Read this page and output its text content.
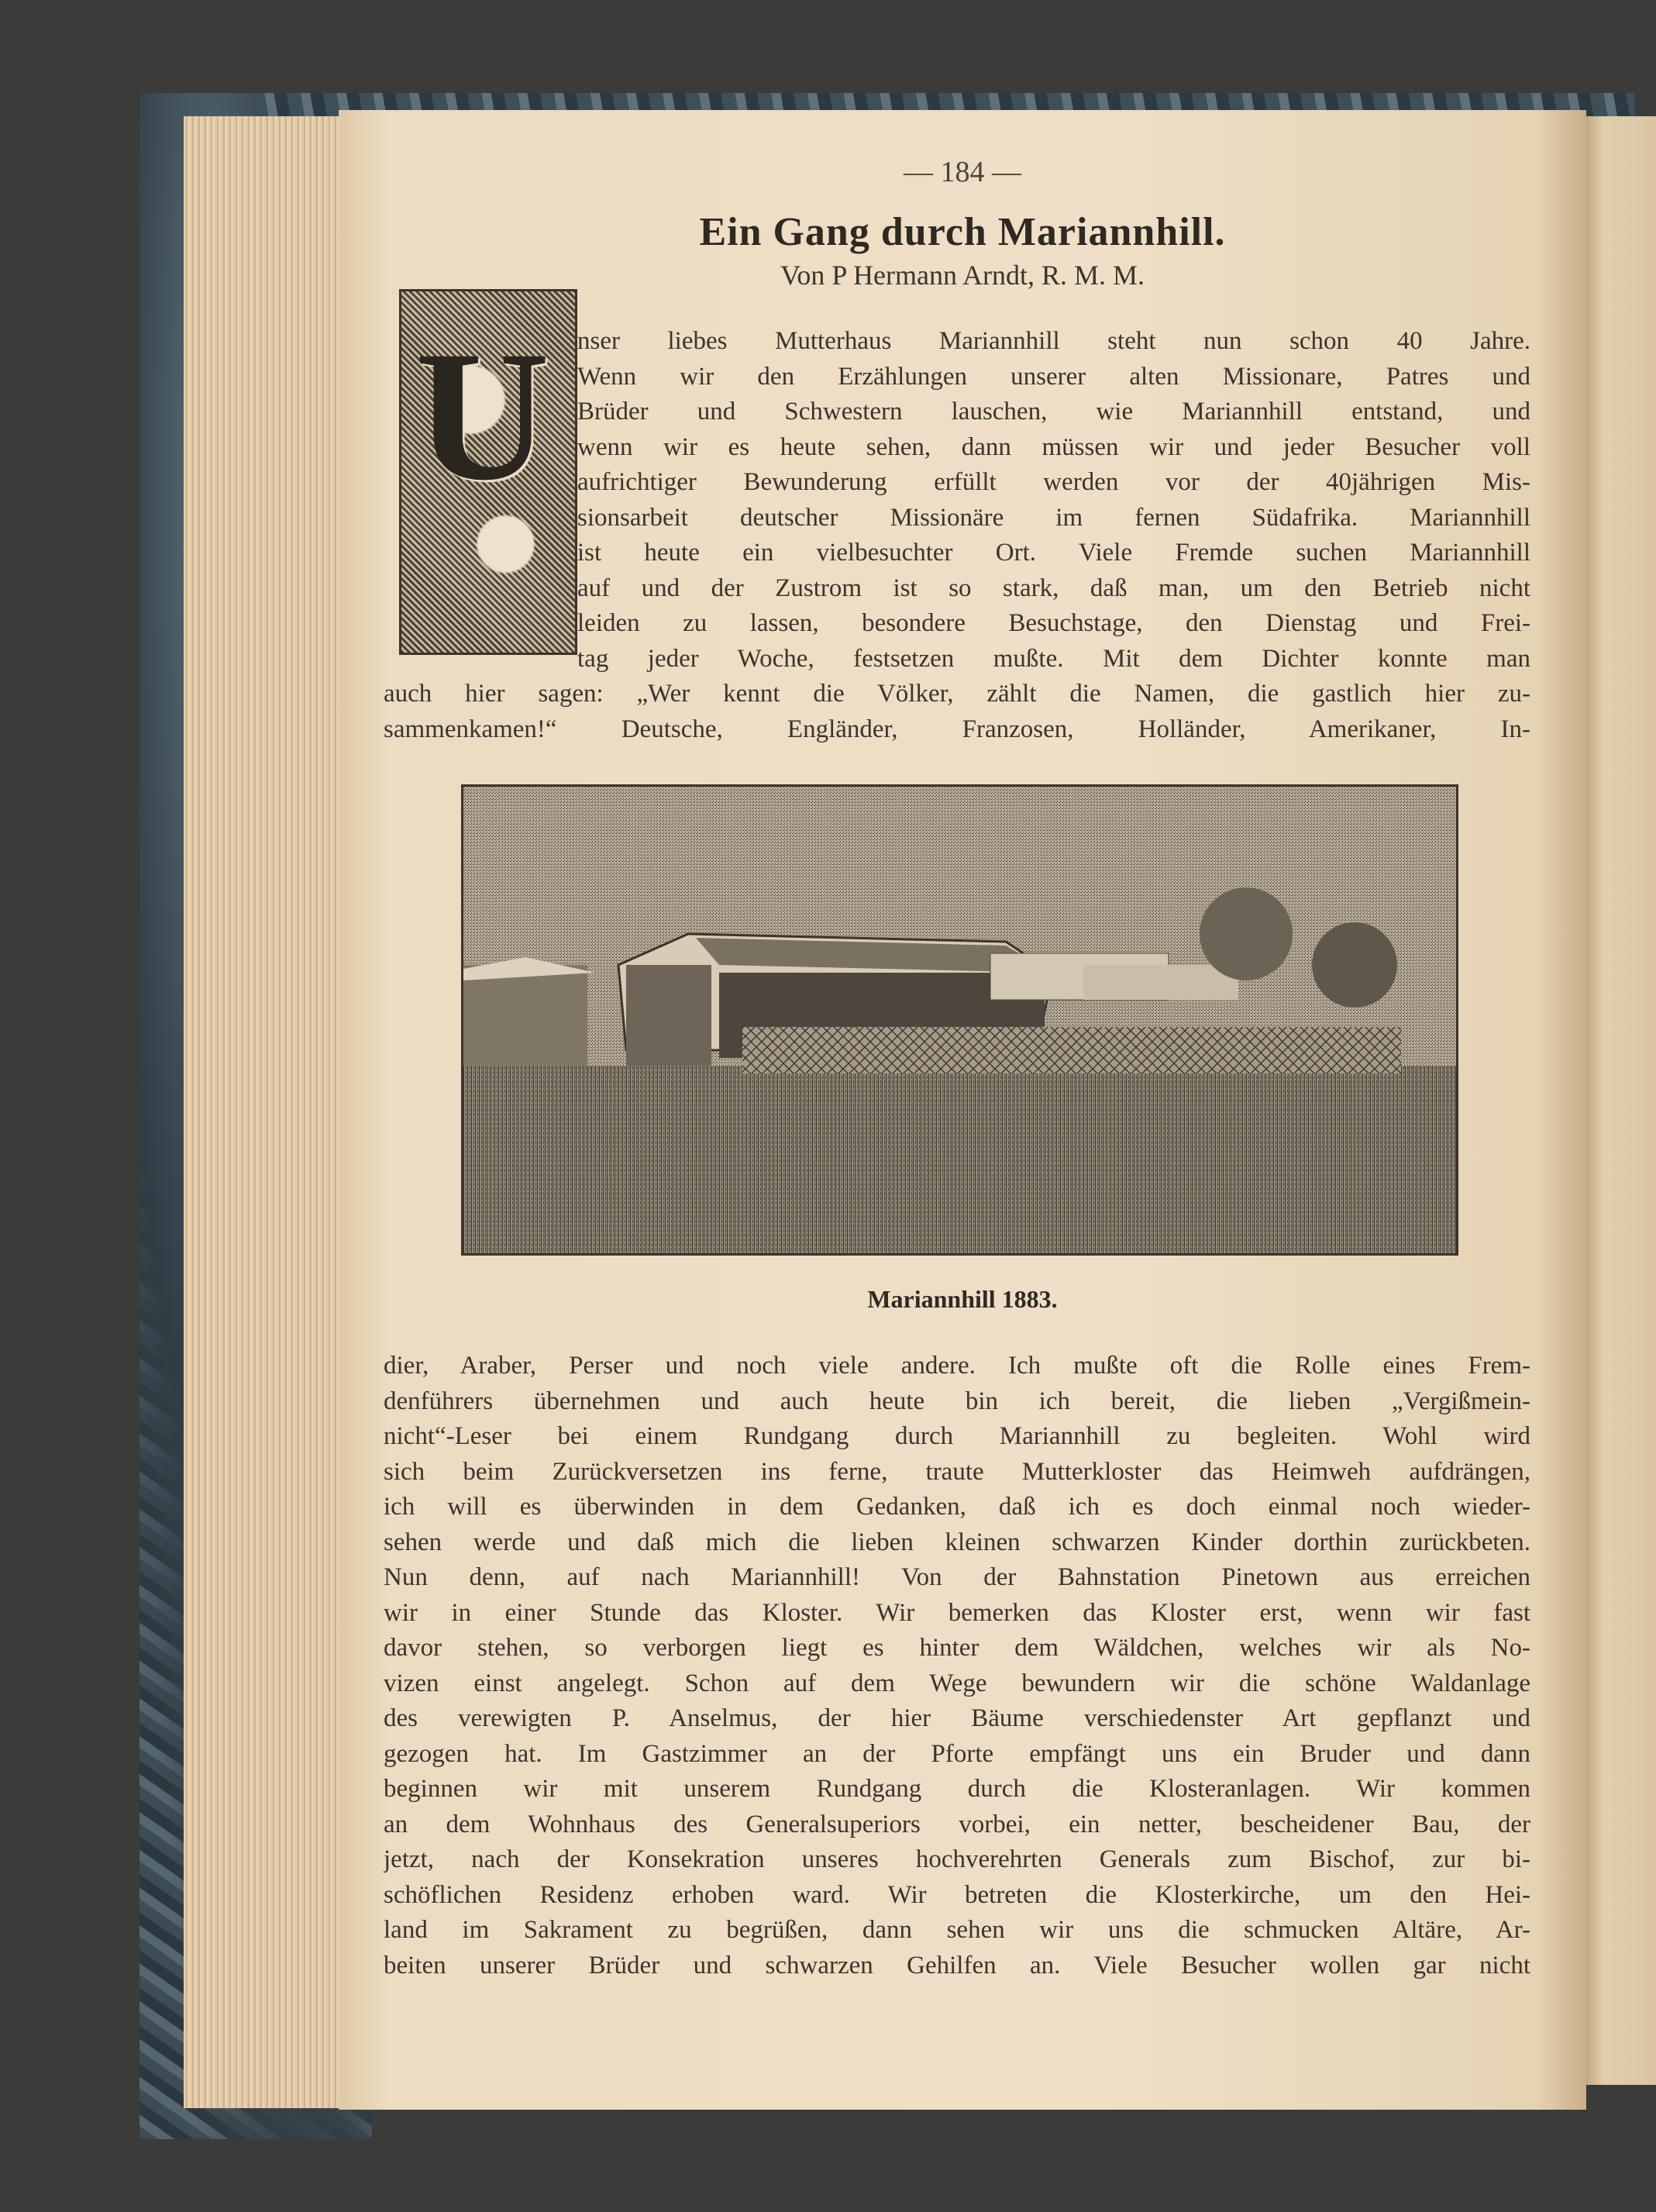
— 184 —
Ein Gang durch Mariannhill.
Von P Hermann Arndt, R. M. M.
U nser liebes Mutterhaus Mariannhill steht nun schon 40 Jahre.
Wenn wir den Erzählungen unserer alten Missionare, Patres und
Brüder und Schwestern lauschen, wie Mariannhill entstand, und
wenn wir es heute sehen, dann müssen wir und jeder Besucher voll
aufrichtiger Bewunderung erfüllt werden vor der 40jährigen Mis-
sionsarbeit deutscher Missionäre im fernen Südafrika. Mariannhill
ist heute ein vielbesuchter Ort. Viele Fremde suchen Mariannhill
auf und der Zustrom ist so stark, daß man, um den Betrieb nicht
leiden zu lassen, besondere Besuchstage, den Dienstag und Frei-
tag jeder Woche, festsetzen mußte. Mit dem Dichter konnte man
auch hier sagen: „Wer kennt die Völker, zählt die Namen, die gastlich hier zu-
sammenkamen!“ Deutsche, Engländer, Franzosen, Holländer, Amerikaner, In-
Mariannhill 1883.
dier, Araber, Perser und noch viele andere. Ich mußte oft die Rolle eines Frem-
denführers übernehmen und auch heute bin ich bereit, die lieben „Vergißmein-
nicht“-Leser bei einem Rundgang durch Mariannhill zu begleiten. Wohl wird
sich beim Zurückversetzen ins ferne, traute Mutterkloster das Heimweh aufdrängen,
ich will es überwinden in dem Gedanken, daß ich es doch einmal noch wieder-
sehen werde und daß mich die lieben kleinen schwarzen Kinder dorthin zurückbeten.
Nun denn, auf nach Mariannhill! Von der Bahnstation Pinetown aus erreichen
wir in einer Stunde das Kloster. Wir bemerken das Kloster erst, wenn wir fast
davor stehen, so verborgen liegt es hinter dem Wäldchen, welches wir als No-
vizen einst angelegt. Schon auf dem Wege bewundern wir die schöne Waldanlage
des verewigten P. Anselmus, der hier Bäume verschiedenster Art gepflanzt und
gezogen hat. Im Gastzimmer an der Pforte empfängt uns ein Bruder und dann
beginnen wir mit unserem Rundgang durch die Klosteranlagen. Wir kommen
an dem Wohnhaus des Generalsuperiors vorbei, ein netter, bescheidener Bau, der
jetzt, nach der Konsekration unseres hochverehrten Generals zum Bischof, zur bi-
schöflichen Residenz erhoben ward. Wir betreten die Klosterkirche, um den Hei-
land im Sakrament zu begrüßen, dann sehen wir uns die schmucken Altäre, Ar-
beiten unserer Brüder und schwarzen Gehilfen an. Viele Besucher wollen gar nicht
